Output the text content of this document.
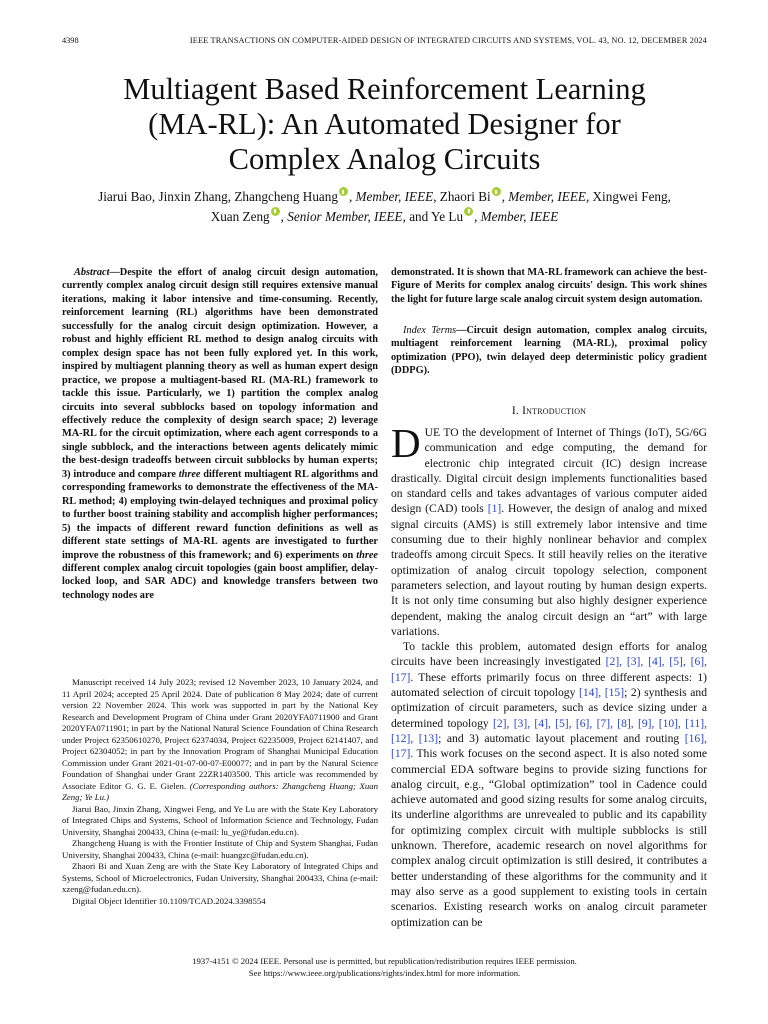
4398	IEEE TRANSACTIONS ON COMPUTER-AIDED DESIGN OF INTEGRATED CIRCUITS AND SYSTEMS, VOL. 43, NO. 12, DECEMBER 2024
Multiagent Based Reinforcement Learning
(MA-RL): An Automated Designer for
Complex Analog Circuits
Jiarui Bao, Jinxin Zhang, Zhangcheng Huang , Member, IEEE, Zhaori Bi , Member, IEEE, Xingwei Feng,
Xuan Zeng , Senior Member, IEEE, and Ye Lu , Member, IEEE
Abstract—Despite the effort of analog circuit design automation, currently complex analog circuit design still requires extensive manual iterations, making it labor intensive and time-consuming. Recently, reinforcement learning (RL) algorithms have been demonstrated successfully for the analog circuit design optimization. However, a robust and highly efficient RL method to design analog circuits with complex design space has not been fully explored yet. In this work, inspired by multiagent planning theory as well as human expert design practice, we propose a multiagent-based RL (MA-RL) framework to tackle this issue. Particularly, we 1) partition the complex analog circuits into several subblocks based on topology information and effectively reduce the complexity of design search space; 2) leverage MA-RL for the circuit optimization, where each agent corresponds to a single subblock, and the interactions between agents delicately mimic the best-design tradeoffs between circuit subblocks by human experts; 3) introduce and compare three different multiagent RL algorithms and corresponding frameworks to demonstrate the effectiveness of the MA-RL method; 4) employing twin-delayed techniques and proximal policy to further boost training stability and accomplish higher performances; 5) the impacts of different reward function definitions as well as different state settings of MA-RL agents are investigated to further improve the robustness of this framework; and 6) experiments on three different complex analog circuit topologies (gain boost amplifier, delay-locked loop, and SAR ADC) and knowledge transfers between two technology nodes are

Manuscript received 14 July 2023; revised 12 November 2023, 10 January 2024, and 11 April 2024; accepted 25 April 2024. Date of publication 8 May 2024; date of current version 22 November 2024. This work was supported in part by the National Key Research and Development Program of China under Grant 2020YFA0711900 and Grant 2020YFA0711901; in part by the National Natural Science Foundation of China Research under Project 62350610270, Project 62374034, Project 62235009, Project 62141407, and Project 62304052; in part by the Innovation Program of Shanghai Municipal Education Commission under Grant 2021-01-07-00-07-E00077; and in part by the Natural Science Foundation of Shanghai under Grant 22ZR1403500. This article was recommended by Associate Editor G. G. E. Gielen. (Corresponding authors: Zhangcheng Huang; Xuan Zeng; Ye Lu.)

Jiarui Bao, Jinxin Zhang, Xingwei Feng, and Ye Lu are with the State Key Laboratory of Integrated Chips and Systems, School of Information Science and Technology, Fudan University, Shanghai 200433, China (e-mail: lu_ye@fudan.edu.cn).

Zhangcheng Huang is with the Frontier Institute of Chip and System Shanghai, Fudan University, Shanghai 200433, China (e-mail: huangzc@fudan.edu.cn).

Zhaori Bi and Xuan Zeng are with the State Key Laboratory of Integrated Chips and Systems, School of Microelectronics, Fudan University, Shanghai 200433, China (e-mail: xzeng@fudan.edu.cn).

Digital Object Identifier 10.1109/TCAD.2024.3398554

demonstrated. It is shown that MA-RL framework can achieve the best-Figure of Merits for complex analog circuits' design. This work shines the light for future large scale analog circuit system design automation.
Index Terms—Circuit design automation, complex analog circuits, multiagent reinforcement learning (MA-RL), proximal policy optimization (PPO), twin delayed deep deterministic policy gradient (DDPG).
I. Introduction

DUE TO the development of Internet of Things (IoT), 5G/6G communication and edge computing, the demand for electronic chip integrated circuit (IC) design increase drastically. Digital circuit design implements functionalities based on standard cells and takes advantages of various computer aided design (CAD) tools [1]. However, the design of analog and mixed signal circuits (AMS) is still extremely labor intensive and time consuming due to their highly nonlinear behavior and complex tradeoffs among circuit Specs. It still heavily relies on the iterative optimization of analog circuit topology selection, component parameters selection, and layout routing by human design experts. It is not only time consuming but also highly designer experience dependent, making the analog circuit design an “art” with large variations.

To tackle this problem, automated design efforts for analog circuits have been increasingly investigated [2], [3], [4], [5], [6], [17]. These efforts primarily focus on three different aspects: 1) automated selection of circuit topology [14], [15]; 2) synthesis and optimization of circuit parameters, such as device sizing under a determined topology [2], [3], [4], [5], [6], [7], [8], [9], [10], [11], [12], [13]; and 3) automatic layout placement and routing [16], [17]. This work focuses on the second aspect. It is also noted some commercial EDA software begins to provide sizing functions for analog circuit, e.g., “Global optimization” tool in Cadence could achieve automated and good sizing results for some analog circuits, its underline algorithms are unrevealed to public and its capability for optimizing complex circuit with multiple subblocks is still unknown. Therefore, academic research on novel algorithms for complex analog circuit optimization is still desired, it contributes a better understanding of these algorithms for the community and it may also serve as a good supplement to existing tools in certain scenarios. Existing research works on analog circuit parameter optimization can be

1937-4151 © 2024 IEEE. Personal use is permitted, but republication/redistribution requires IEEE permission.
See https://www.ieee.org/publications/rights/index.html for more information.
